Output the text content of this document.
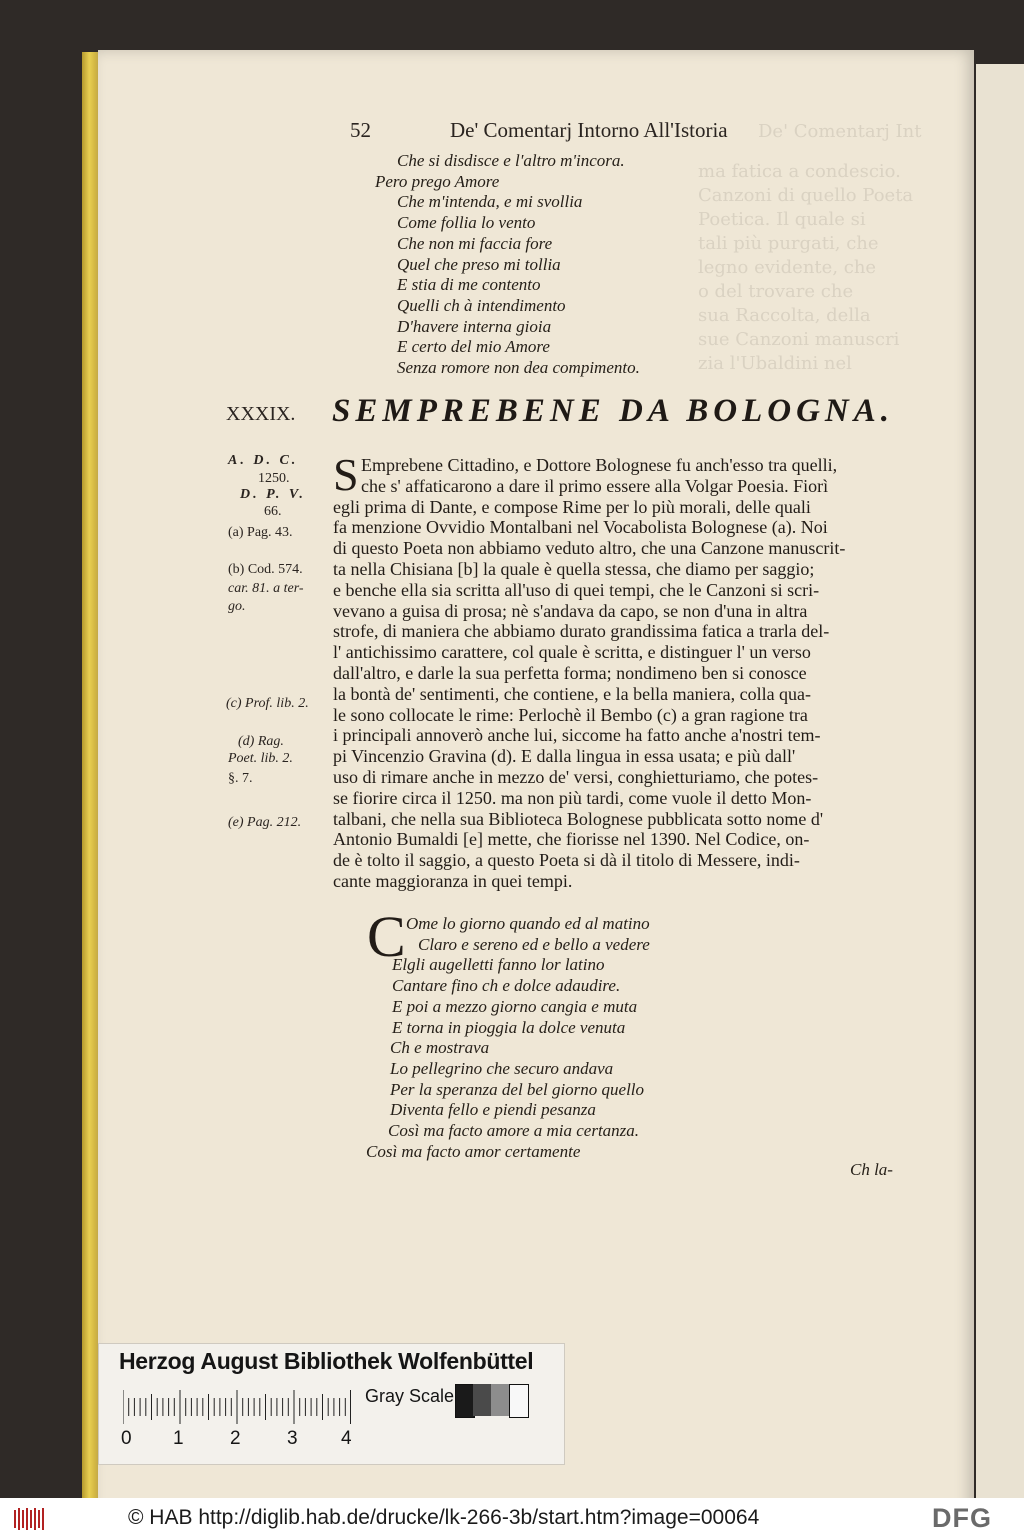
De' Comentarj Int
ma fatica a condescio.
Canzoni di quello Poeta
Poetica. Il quale si
tali più purgati, che
legno evidente, che
o del trovare che
sua Raccolta, della
sue Canzoni manuscri
zia l'Ubaldini nel
52	De' Comentarj Intorno All'Istoria
Che si disdisce e l'altro m'incora.
Pero prego Amore
Che m'intenda, e mi svollia
Come follia lo vento
Che non mi faccia fore
Quel che preso mi tollia
E stia di me contento
Quelli ch à intendimento
D'havere interna gioia
E certo del mio Amore
Senza romore non dea compimento.
XXXIX. SEMPREBENE DA BOLOGNA.
A. D. C.
1250.
D. P. V.
66.
(a) Pag. 43.
(b) Cod. 574.
car. 81. a ter-
go.
(c) Prof. lib. 2.
(d) Rag.
Poet. lib. 2.
§. 7.
(e) Pag. 212.
S Emprebene Cittadino, e Dottore Bolognese fu anch'esso tra quelli,
che s' affaticarono a dare il primo essere alla Volgar Poesia. Fiorì
egli prima di Dante, e compose Rime per lo più morali, delle quali
fa menzione Ovvidio Montalbani nel Vocabolista Bolognese (a). Noi
di questo Poeta non abbiamo veduto altro, che una Canzone manuscrit-
ta nella Chisiana [b] la quale è quella stessa, che diamo per saggio;
e benche ella sia scritta all'uso di quei tempi, che le Canzoni si scri-
vevano a guisa di prosa; nè s'andava da capo, se non d'una in altra
strofe, di maniera che abbiamo durato grandissima fatica a trarla del-
l' antichissimo carattere, col quale è scritta, e distinguer l' un verso
dall'altro, e darle la sua perfetta forma; nondimeno ben si conosce
la bontà de' sentimenti, che contiene, e la bella maniera, colla qua-
le sono collocate le rime: Perlochè il Bembo (c) a gran ragione tra
i principali annoverò anche lui, siccome ha fatto anche a'nostri tem-
pi Vincenzio Gravina (d). E dalla lingua in essa usata; e più dall'
uso di rimare anche in mezzo de' versi, conghietturiamo, che potes-
se fiorire circa il 1250. ma non più tardi, come vuole il detto Mon-
talbani, che nella sua Biblioteca Bolognese pubblicata sotto nome d'
Antonio Bumaldi [e] mette, che fiorisse nel 1390. Nel Codice, on-
de è tolto il saggio, a questo Poeta si dà il titolo di Messere, indi-
cante maggioranza in quei tempi.
C Ome lo giorno quando ed al matino
Claro e sereno ed e bello a vedere
Elgli augelletti fanno lor latino
Cantare fino ch e dolce adaudire.
E poi a mezzo giorno cangia e muta
E torna in pioggia la dolce venuta
Ch e mostrava
Lo pellegrino che securo andava
Per la speranza del bel giorno quello
Diventa fello e piendi pesanza
Così ma facto amore a mia certanza.
Così ma facto amor certamente
Ch la-
Herzog August Bibliothek Wolfenbüttel
0 1 2 3 4
Gray Scale
© HAB http://diglib.hab.de/drucke/lk-266-3b/start.htm?image=00064	DFG
